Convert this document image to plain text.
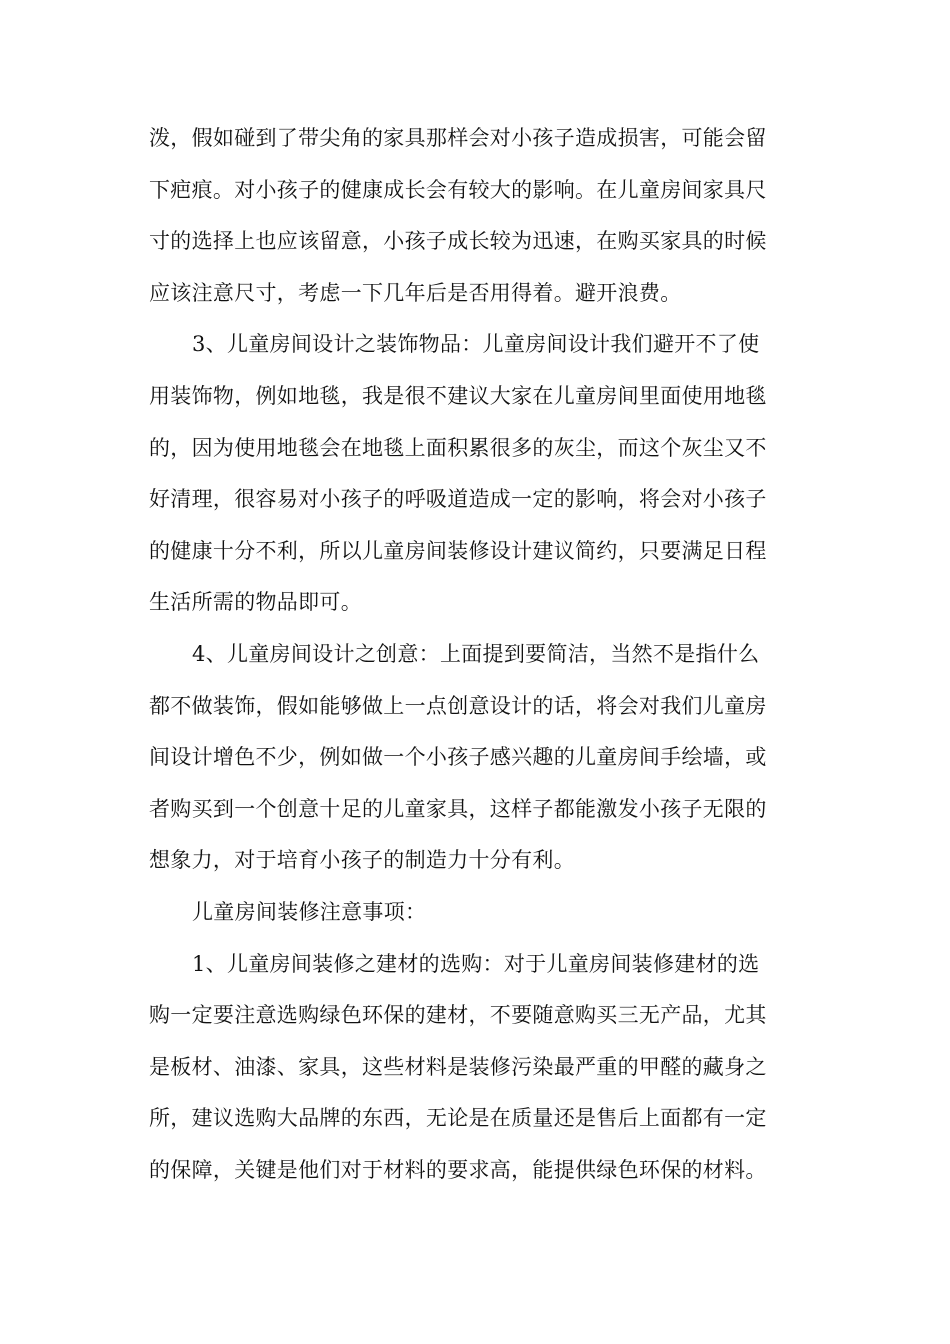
泼，假如碰到了带尖角的家具那样会对小孩子造成损害，可能会留
下疤痕。对小孩子的健康成长会有较大的影响。在儿童房间家具尺
寸的选择上也应该留意，小孩子成长较为迅速，在购买家具的时候
应该注意尺寸，考虑一下几年后是否用得着。避开浪费。
3、儿童房间设计之装饰物品：儿童房间设计我们避开不了使
用装饰物，例如地毯，我是很不建议大家在儿童房间里面使用地毯
的，因为使用地毯会在地毯上面积累很多的灰尘，而这个灰尘又不
好清理，很容易对小孩子的呼吸道造成一定的影响，将会对小孩子
的健康十分不利，所以儿童房间装修设计建议简约，只要满足日程
生活所需的物品即可。
4、儿童房间设计之创意：上面提到要简洁，当然不是指什么
都不做装饰，假如能够做上一点创意设计的话，将会对我们儿童房
间设计增色不少，例如做一个小孩子感兴趣的儿童房间手绘墙，或
者购买到一个创意十足的儿童家具，这样子都能激发小孩子无限的
想象力，对于培育小孩子的制造力十分有利。
儿童房间装修注意事项：
1、儿童房间装修之建材的选购：对于儿童房间装修建材的选
购一定要注意选购绿色环保的建材，不要随意购买三无产品，尤其
是板材、油漆、家具，这些材料是装修污染最严重的甲醛的藏身之
所，建议选购大品牌的东西，无论是在质量还是售后上面都有一定
的保障，关键是他们对于材料的要求高，能提供绿色环保的材料。
